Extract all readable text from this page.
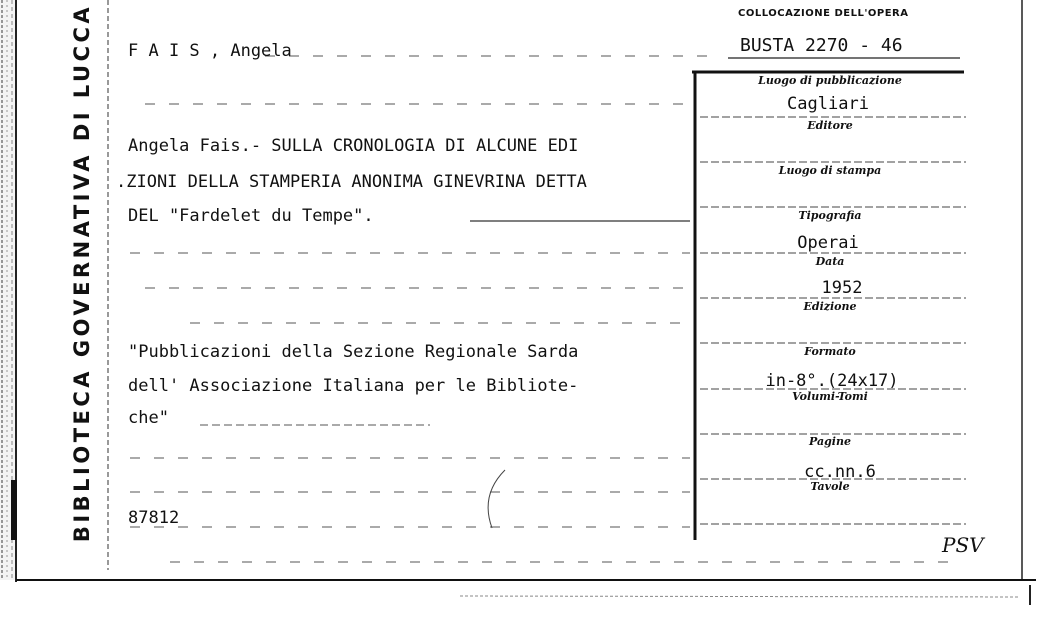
BIBLIOTECA GOVERNATIVA DI LUCCA	COLLOCAZIONE DELL'OPERA
BUSTA 2270 - 46
F A I S , Angela
Angela Fais.- SULLA CRONOLOGIA DI ALCUNE EDI
.ZIONI DELLA STAMPERIA ANONIMA GINEVRINA DETTA
DEL "Fardelet du Tempe".
"Pubblicazioni della Sezione Regionale Sarda
dell' Associazione Italiana per le Bibliote-
che"
87812
PSV
Luogo di pubblicazione
Editore
Luogo di stampa
Tipografia
Data
Edizione
Formato
Volumi-Tomi
Pagine
Tavole
Cagliari
Operai
1952
in-8°.(24x17)
cc.nn.6
